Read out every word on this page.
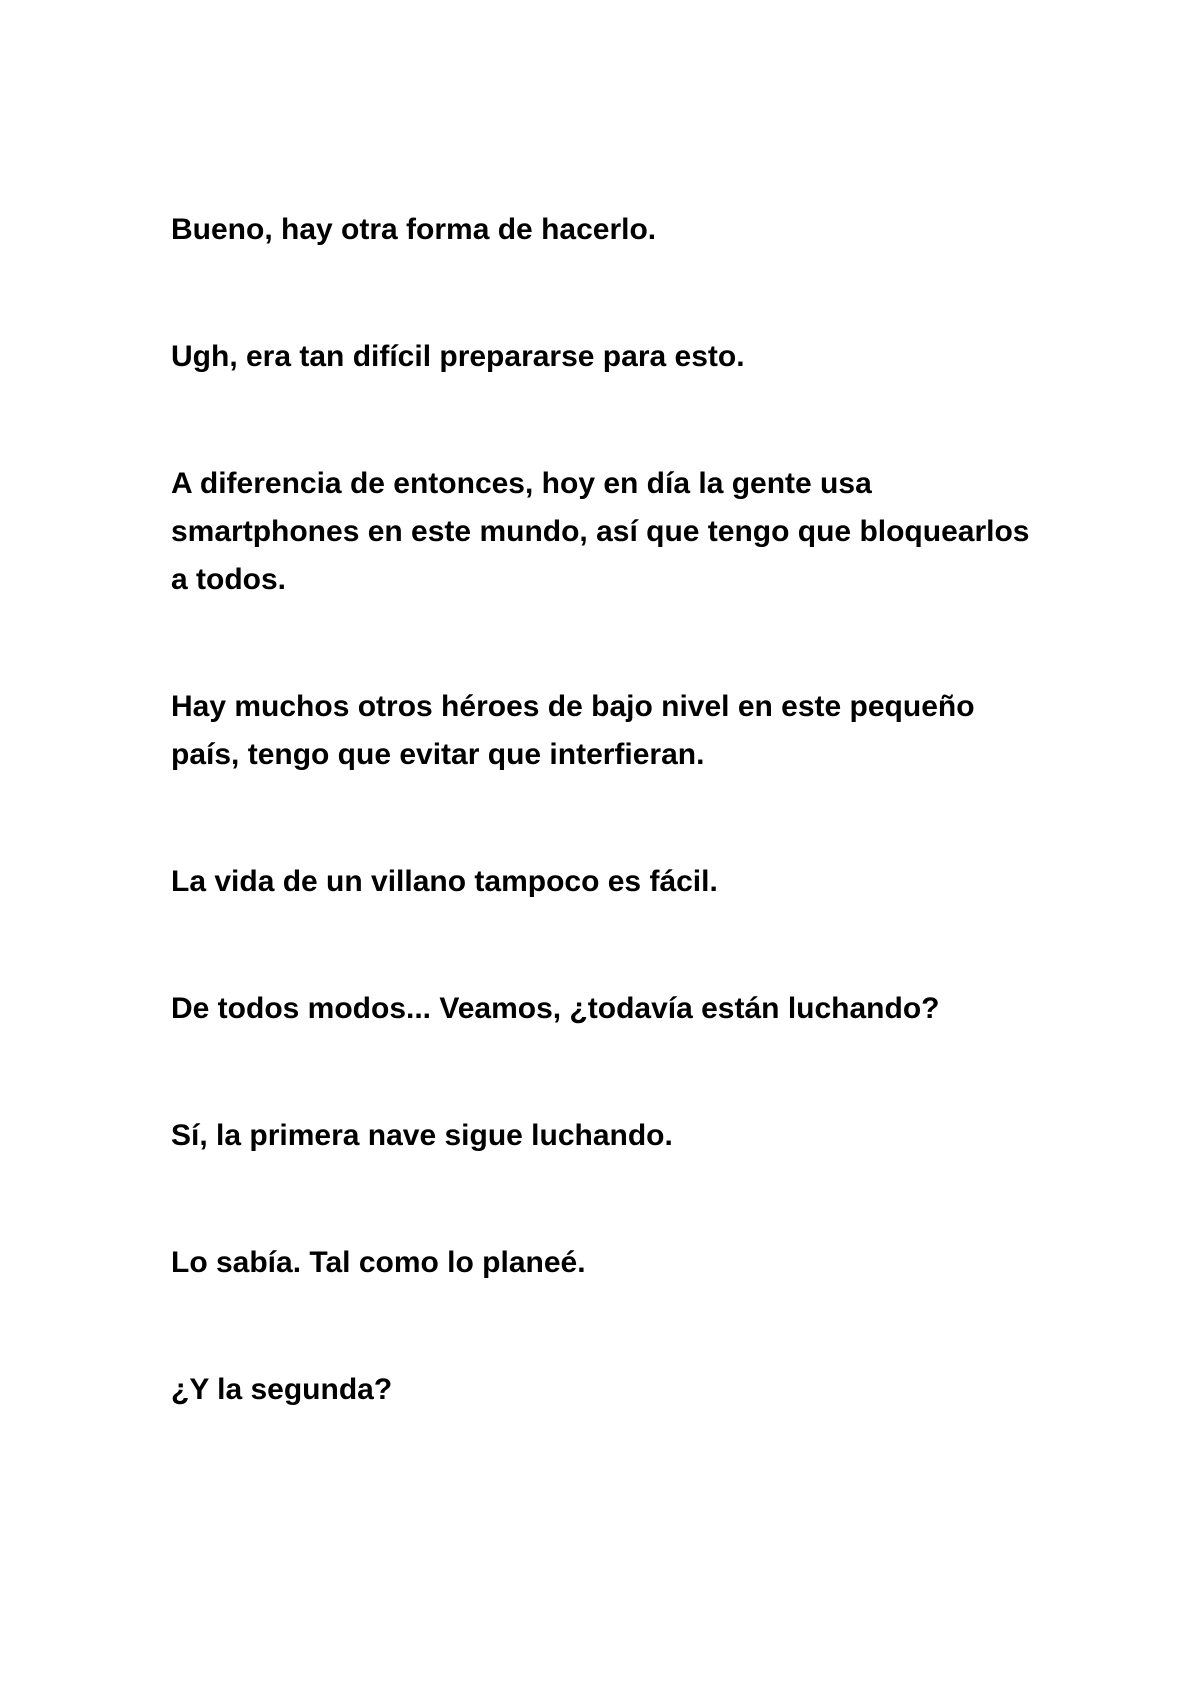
Bueno, hay otra forma de hacerlo.

Ugh, era tan difícil prepararse para esto.

A diferencia de entonces, hoy en día la gente usa smartphones en este mundo, así que tengo que bloquearlos a todos.

Hay muchos otros héroes de bajo nivel en este pequeño país, tengo que evitar que interfieran.

La vida de un villano tampoco es fácil.

De todos modos... Veamos, ¿todavía están luchando?

Sí, la primera nave sigue luchando.

Lo sabía. Tal como lo planeé.

¿Y la segunda?
